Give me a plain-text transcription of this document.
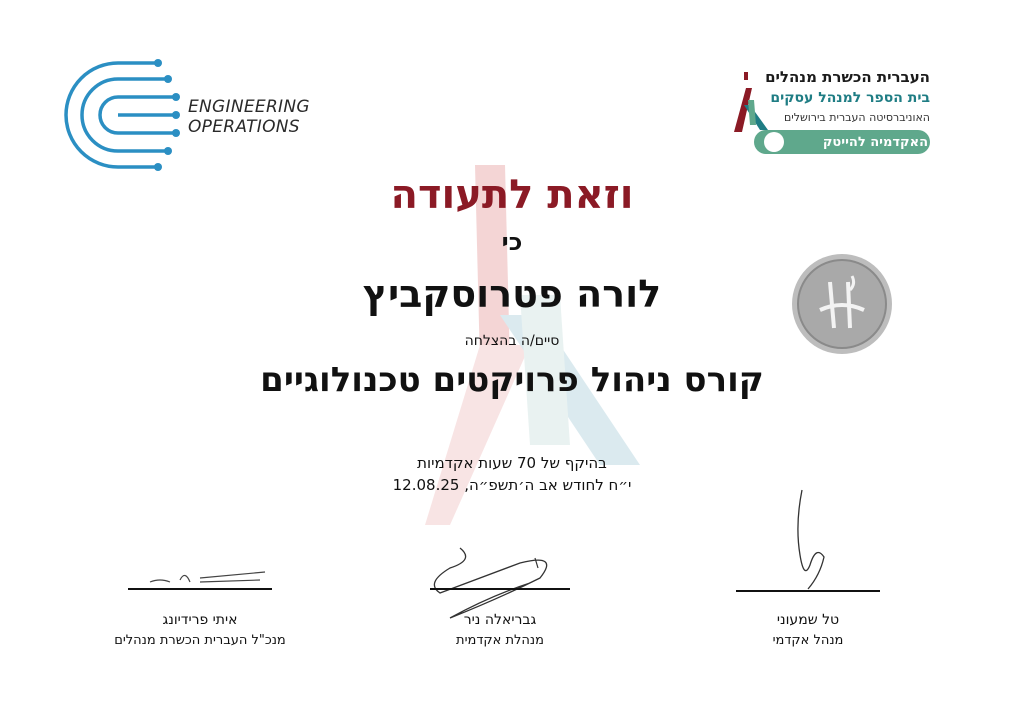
ENGINEERING
OPERATIONS
העברית הכשרת מנהלים
בית הספר למנהל עסקים
האוניברסיטה העברית בירושלים
האקדמיה להייטק
וזאת לתעודה
כי
לורה פטרוסקביץ
סיים/ה בהצלחה
קורס ניהול פרויקטים טכנולוגיים
בהיקף של 70 שעות אקדמיות
י״ח לחודש אב ה׳תשפ״ה, 12.08.25
איתי פרידיונג
מנכ"ל העברית הכשרת מנהלים
גבריאלה ניר
מנהלת אקדמית
טל שמעוני
מנהל אקדמי
